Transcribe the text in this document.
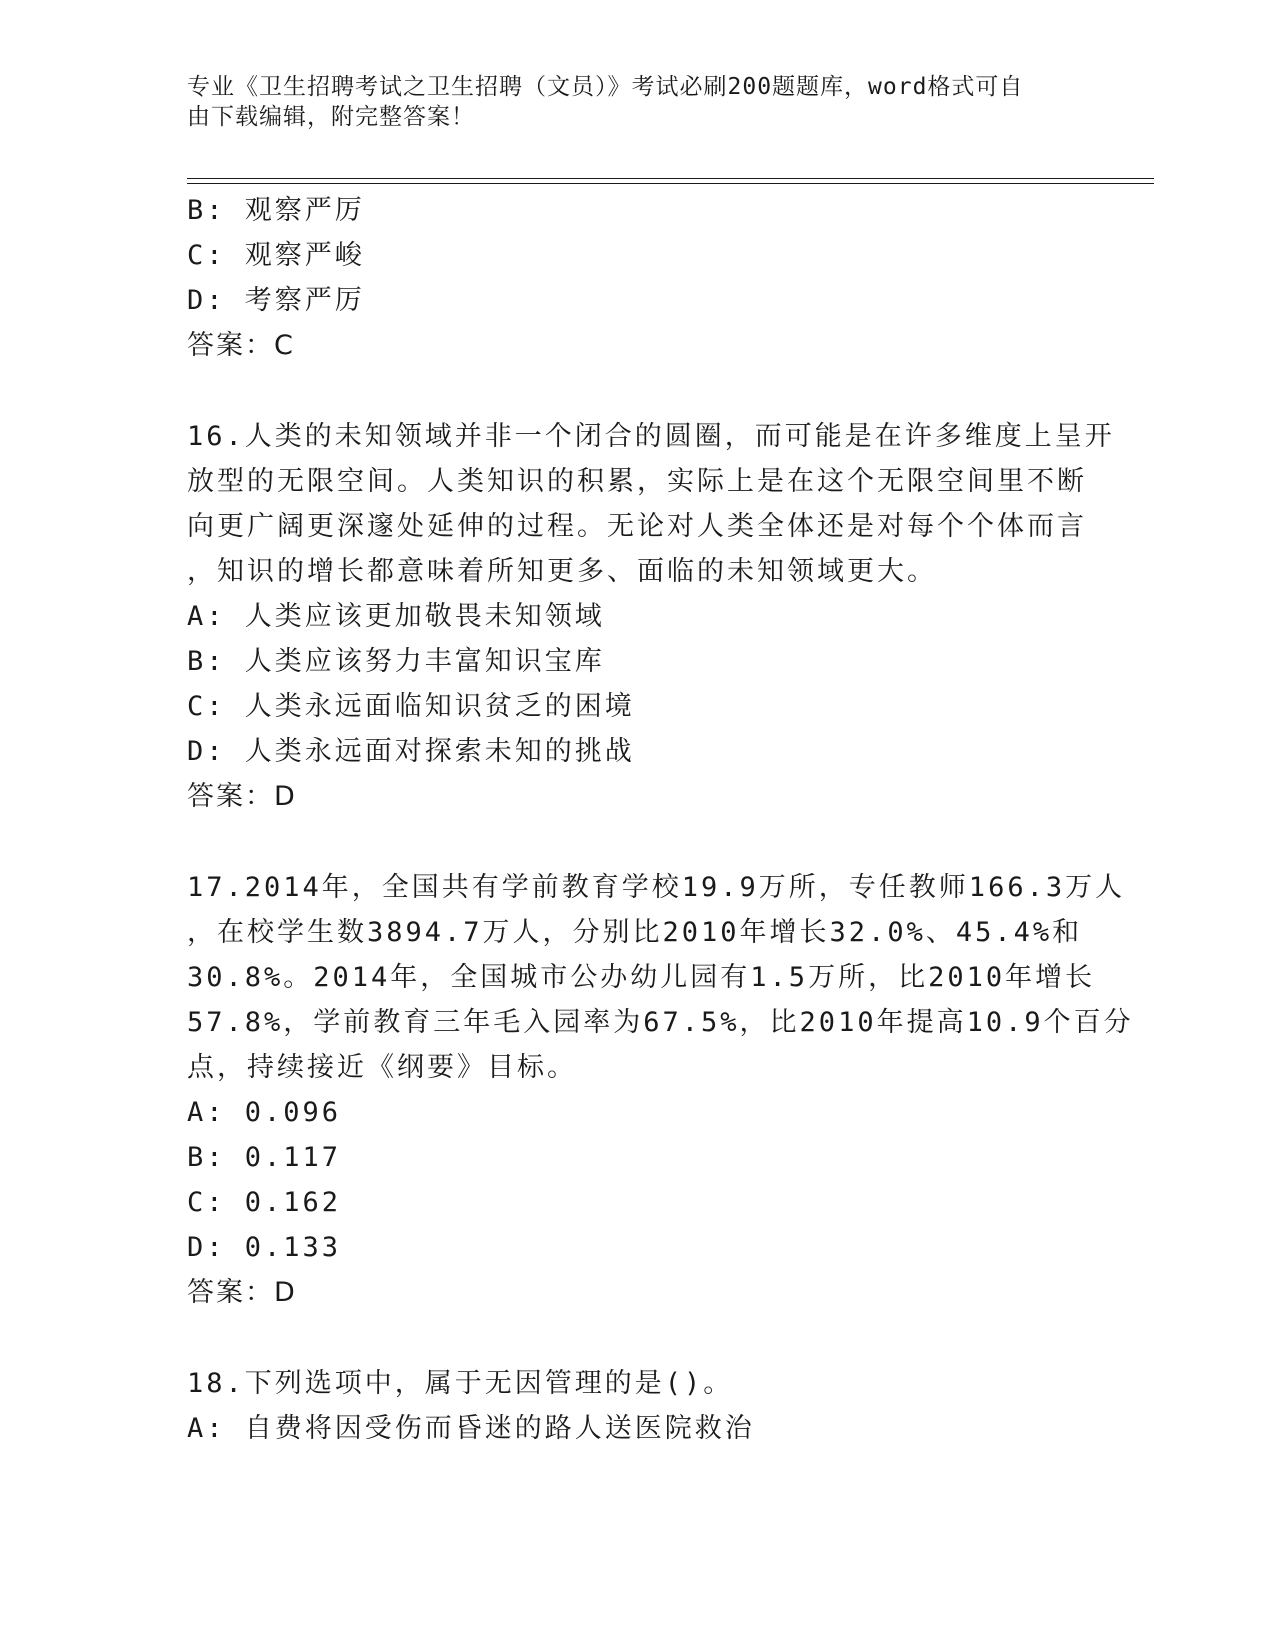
专业《卫生招聘考试之卫生招聘（文员）》考试必刷200题题库，word格式可自
由下载编辑，附完整答案！
B: 观察严厉
C: 观察严峻
D: 考察严厉
答案：C
16.人类的未知领域并非一个闭合的圆圈，而可能是在许多维度上呈开
放型的无限空间。人类知识的积累，实际上是在这个无限空间里不断
向更广阔更深邃处延伸的过程。无论对人类全体还是对每个个体而言
，知识的增长都意味着所知更多、面临的未知领域更大。
A: 人类应该更加敬畏未知领域
B: 人类应该努力丰富知识宝库
C: 人类永远面临知识贫乏的困境
D: 人类永远面对探索未知的挑战
答案：D
17.2014年，全国共有学前教育学校19.9万所，专任教师166.3万人
，在校学生数3894.7万人，分别比2010年增长32.0%、45.4%和
30.8%。2014年，全国城市公办幼儿园有1.5万所，比2010年增长
57.8%，学前教育三年毛入园率为67.5%，比2010年提高10.9个百分
点，持续接近《纲要》目标。
A: 0.096
B: 0.117
C: 0.162
D: 0.133
答案：D
18.下列选项中，属于无因管理的是()。
A: 自费将因受伤而昏迷的路人送医院救治
